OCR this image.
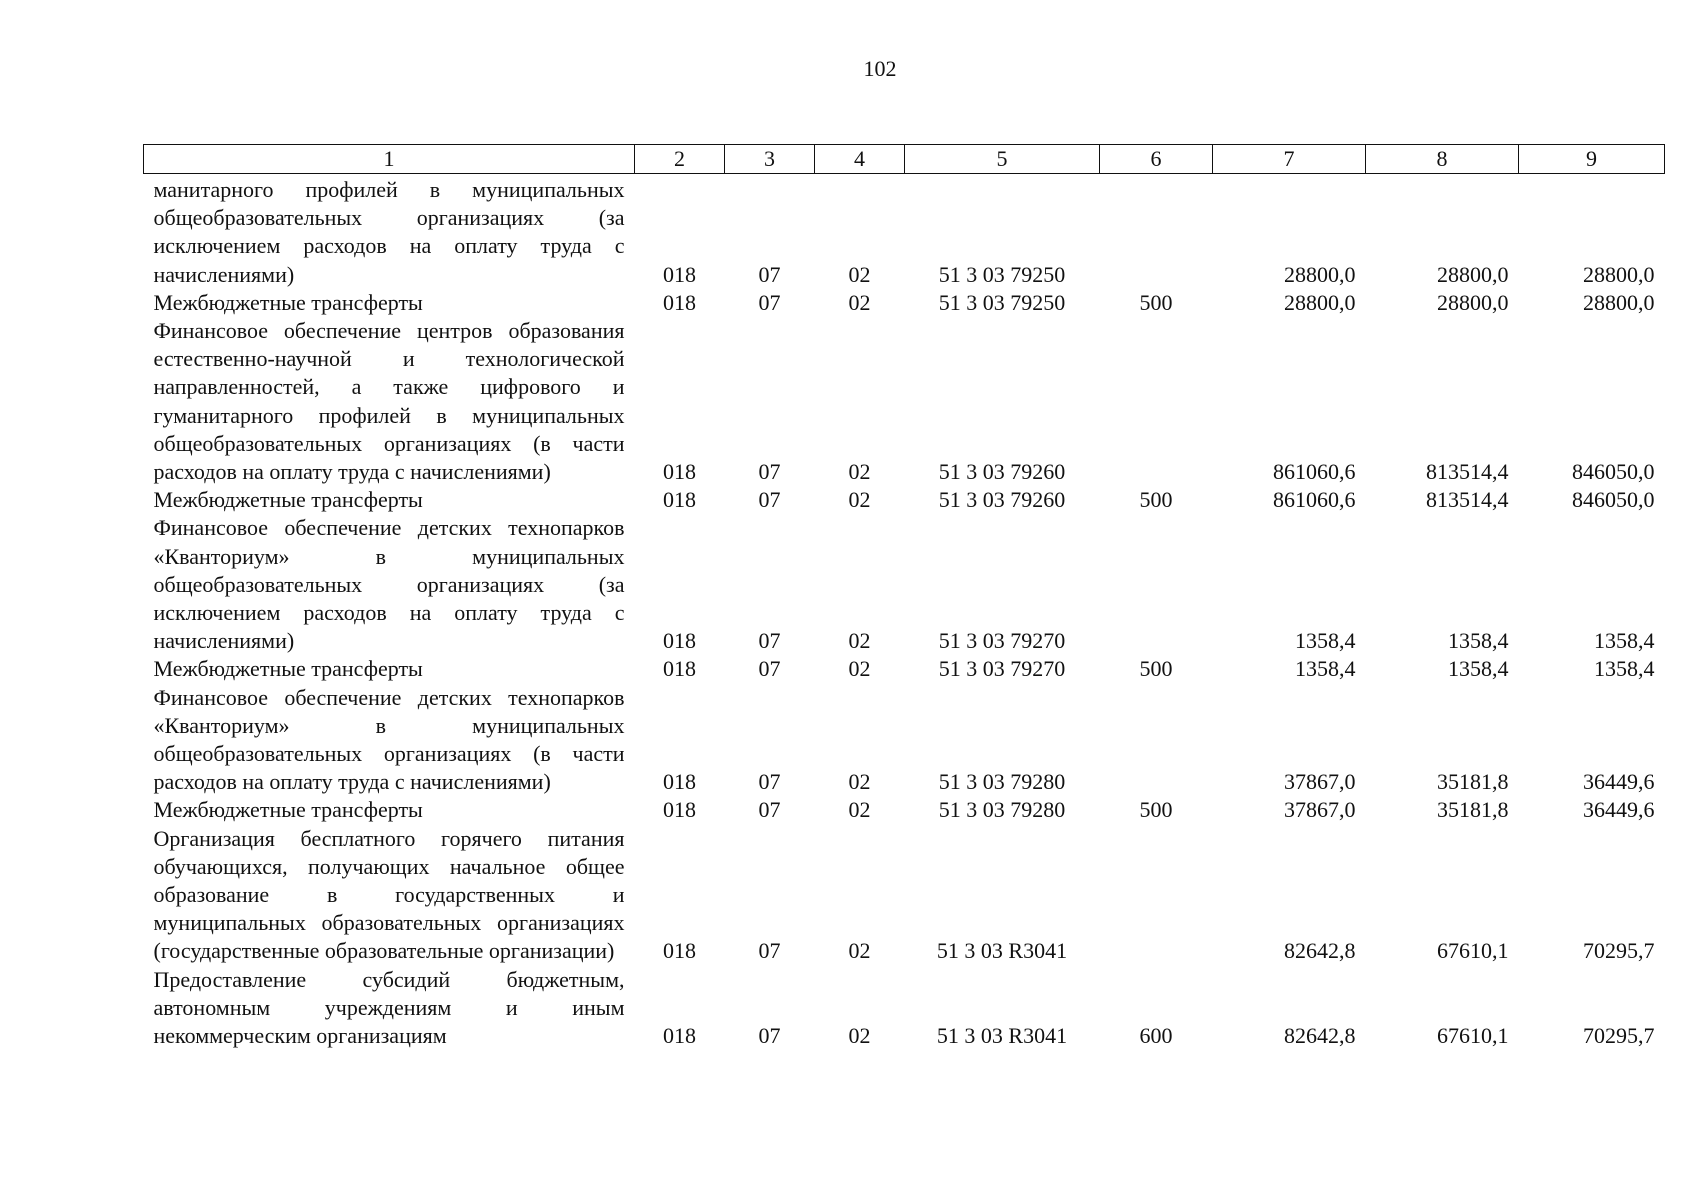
102
1	2	3	4	5	6	7	8	9
манитарного профилей в муниципальных общеобразовательных организациях (за исключением расходов на оплату труда с начислениями)	018	07	02	51 3 03 79250		28800,0	28800,0	28800,0
Межбюджетные трансферты	018	07	02	51 3 03 79250	500	28800,0	28800,0	28800,0
Финансовое обеспечение центров образования естественно-научной и технологической направленностей, а также цифрового и гуманитарного профилей в муниципальных общеобразовательных организациях (в части расходов на оплату труда с начислениями)	018	07	02	51 3 03 79260		861060,6	813514,4	846050,0
Межбюджетные трансферты	018	07	02	51 3 03 79260	500	861060,6	813514,4	846050,0
Финансовое обеспечение детских технопарков «Кванториум» в муниципальных общеобразовательных организациях (за исключением расходов на оплату труда с начислениями)	018	07	02	51 3 03 79270		1358,4	1358,4	1358,4
Межбюджетные трансферты	018	07	02	51 3 03 79270	500	1358,4	1358,4	1358,4
Финансовое обеспечение детских технопарков «Кванториум» в муниципальных общеобразовательных организациях (в части расходов на оплату труда с начислениями)	018	07	02	51 3 03 79280		37867,0	35181,8	36449,6
Межбюджетные трансферты	018	07	02	51 3 03 79280	500	37867,0	35181,8	36449,6
Организация бесплатного горячего питания обучающихся, получающих начальное общее образование в государственных и муниципальных образовательных организациях (государственные образовательные организации)	018	07	02	51 3 03 R3041		82642,8	67610,1	70295,7
Предоставление субсидий бюджетным, автономным учреждениям и иным некоммерческим организациям	018	07	02	51 3 03 R3041	600	82642,8	67610,1	70295,7
